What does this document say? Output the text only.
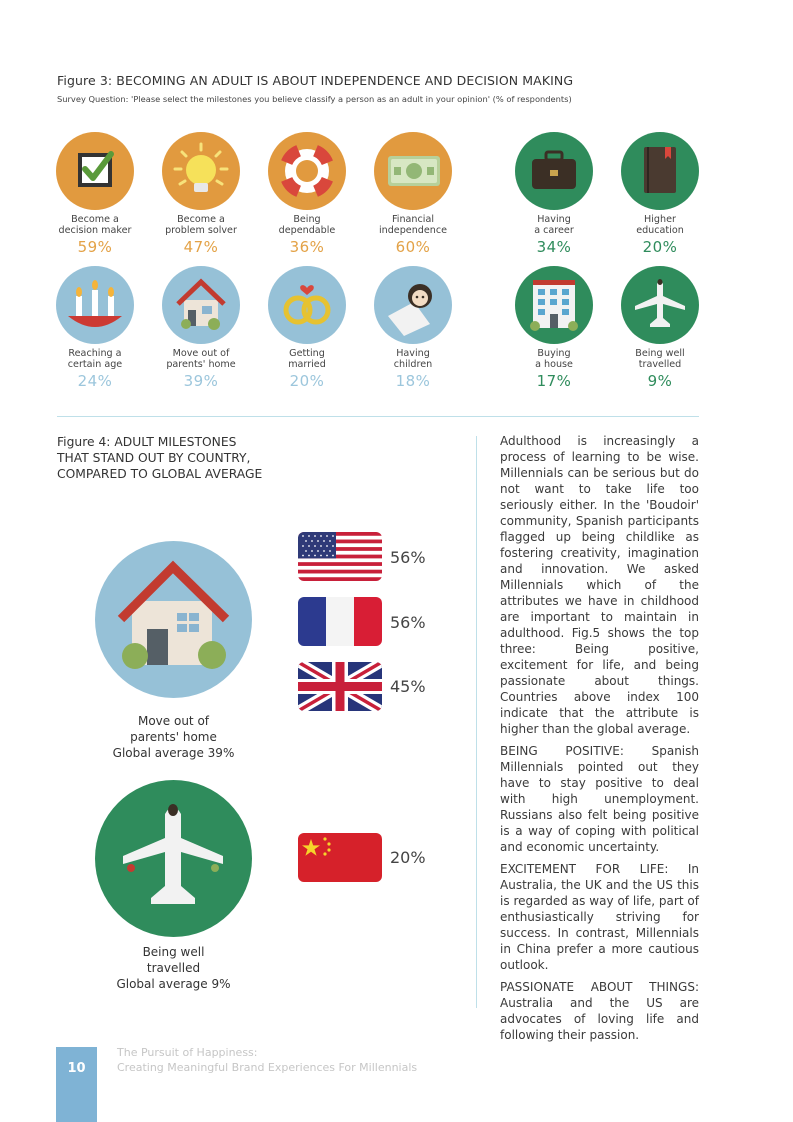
Figure 3: BECOMING AN ADULT IS ABOUT INDEPENDENCE AND DECISION MAKING
Survey Question: 'Please select the milestones you believe classify a person as an adult in your opinion' (% of respondents)
Become a
decision maker
59%
Become a
problem solver
47%
Being
dependable
36%
Financial
independence
60%
Having
a career
34%
Higher
education
20%
Reaching a
certain age
24%
Move out of
parents' home
39%
Getting
married
20%
Having
children
18%
Buying
a house
17%
Being well
travelled
9%
Figure 4: ADULT MILESTONES
THAT STAND OUT BY COUNTRY,
COMPARED TO GLOBAL AVERAGE
Move out of
parents' home
Global average 39%
Being well
travelled
Global average 9%
56%
56%
45%
20%

Adulthood is increasingly a process of learning to be wise. Millennials can be serious but do not want to take life too seriously either. In the 'Boudoir' community, Spanish participants flagged up being childlike as fostering creativity, imagination and innovation. We asked Millennials which of the attributes we have in childhood are important to maintain in adulthood. Fig.5 shows the top three: Being positive, excitement for life, and being passionate about things. Countries above index 100 indicate that the attribute is higher than the global average.

BEING POSITIVE: Spanish Millennials pointed out they have to stay positive to deal with high unemployment. Russians also felt being positive is a way of coping with political and economic uncertainty.

EXCITEMENT FOR LIFE: In Australia, the UK and the US this is regarded as way of life, part of enthusiastically striving for success. In contrast, Millennials in China prefer a more cautious outlook.

PASSIONATE ABOUT THINGS: Australia and the US are advocates of loving life and following their passion.

10
The Pursuit of Happiness:
Creating Meaningful Brand Experiences For Millennials
